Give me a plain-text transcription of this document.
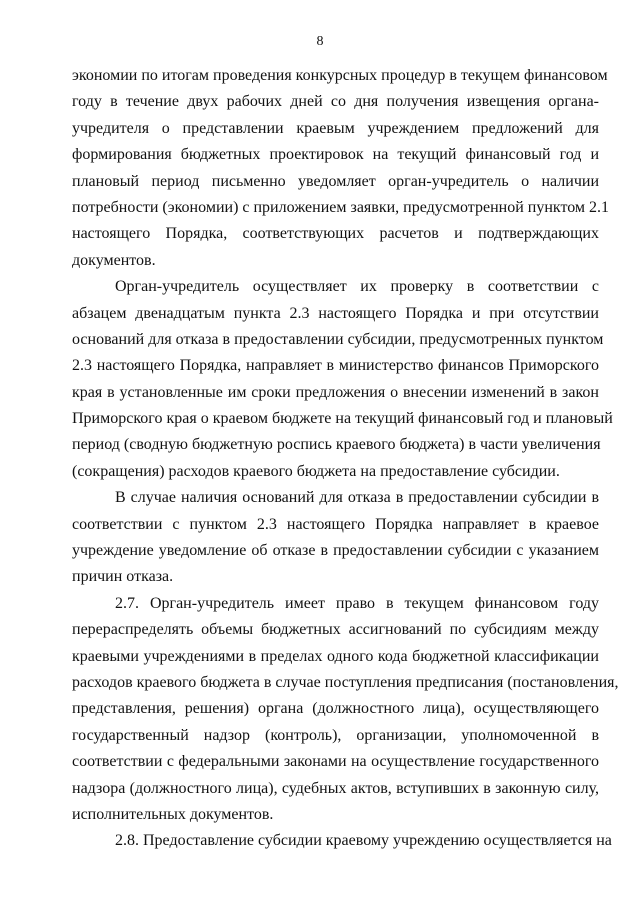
8
экономии по итогам проведения конкурсных процедур в текущем финансовом
году в течение двух рабочих дней со дня получения извещения органа-
учредителя о представлении краевым учреждением предложений для
формирования бюджетных проектировок на текущий финансовый год и
плановый период письменно уведомляет орган-учредитель о наличии
потребности (экономии) с приложением заявки, предусмотренной пунктом 2.1
настоящего Порядка, соответствующих расчетов и подтверждающих
документов.
Орган-учредитель осуществляет их проверку в соответствии с
абзацем двенадцатым пункта 2.3 настоящего Порядка и при отсутствии
оснований для отказа в предоставлении субсидии, предусмотренных пунктом
2.3 настоящего Порядка, направляет в министерство финансов Приморского
края в установленные им сроки предложения о внесении изменений в закон
Приморского края о краевом бюджете на текущий финансовый год и плановый
период (сводную бюджетную роспись краевого бюджета) в части увеличения
(сокращения) расходов краевого бюджета на предоставление субсидии.
В случае наличия оснований для отказа в предоставлении субсидии в
соответствии с пунктом 2.3 настоящего Порядка направляет в краевое
учреждение уведомление об отказе в предоставлении субсидии с указанием
причин отказа.
2.7. Орган-учредитель имеет право в текущем финансовом году
перераспределять объемы бюджетных ассигнований по субсидиям между
краевыми учреждениями в пределах одного кода бюджетной классификации
расходов краевого бюджета в случае поступления предписания (постановления,
представления, решения) органа (должностного лица), осуществляющего
государственный надзор (контроль), организации, уполномоченной в
соответствии с федеральными законами на осуществление государственного
надзора (должностного лица), судебных актов, вступивших в законную силу,
исполнительных документов.
2.8. Предоставление субсидии краевому учреждению осуществляется на
